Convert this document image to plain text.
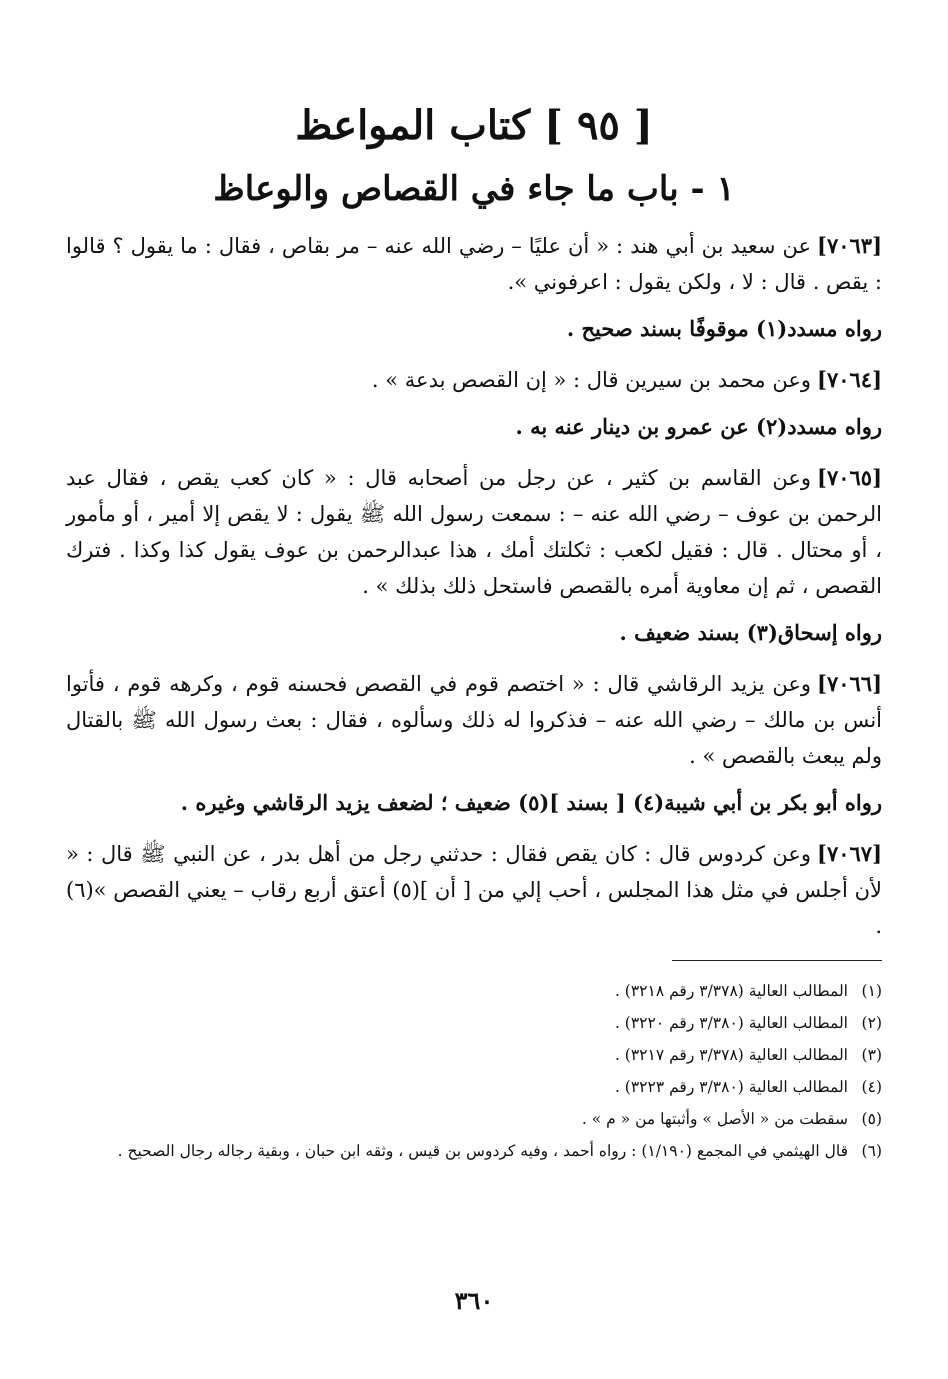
[ ٩٥ ] كتاب المواعظ
١ - باب ما جاء في القصاص والوعاظ

[٧٠٦٣]عن سعيد بن أبي هند : « أن عليًا – رضي الله عنه – مر بقاص ، فقال : ما يقول ؟ قالوا : يقص . قال : لا ، ولكن يقول : اعرفوني ».

رواه مسدد(١) موقوفًا بسند صحيح .

[٧٠٦٤]وعن محمد بن سيرين قال : « إن القصص بدعة » .

رواه مسدد(٢) عن عمرو بن دينار عنه به .

[٧٠٦٥]وعن القاسم بن كثير ، عن رجل من أصحابه قال : « كان كعب يقص ، فقال عبد الرحمن بن عوف – رضي الله عنه – : سمعت رسول الله ﷺ يقول : لا يقص إلا أمير ، أو مأمور ، أو محتال . قال : فقيل لكعب : ثكلتك أمك ، هذا عبدالرحمن بن عوف يقول كذا وكذا . فترك القصص ، ثم إن معاوية أمره بالقصص فاستحل ذلك بذلك » .

رواه إسحاق(٣) بسند ضعيف .

[٧٠٦٦]وعن يزيد الرقاشي قال : « اختصم قوم في القصص فحسنه قوم ، وكرهه قوم ، فأتوا أنس بن مالك – رضي الله عنه – فذكروا له ذلك وسألوه ، فقال : بعث رسول الله ﷺ بالقتال ولم يبعث بالقصص » .

رواه أبو بكر بن أبي شيبة(٤) [ بسند ](٥) ضعيف ؛ لضعف يزيد الرقاشي وغيره .

[٧٠٦٧]وعن كردوس قال : كان يقص فقال : حدثني رجل من أهل بدر ، عن النبي ﷺ قال : « لأن أجلس في مثل هذا المجلس ، أحب إلي من [ أن ](٥) أعتق أربع رقاب – يعني القصص »(٦) .

(١)
المطالب العالية (٣/٣٧٨ رقم ٣٢١٨) .
(٢)
المطالب العالية (٣/٣٨٠ رقم ٣٢٢٠) .
(٣)
المطالب العالية (٣/٣٧٨ رقم ٣٢١٧) .
(٤)
المطالب العالية (٣/٣٨٠ رقم ٣٢٢٣) .
(٥)
سقطت من « الأصل » وأثبتها من « م » .
(٦)
قال الهيثمي في المجمع (١/١٩٠) : رواه أحمد ، وفيه كردوس بن قيس ، وثقه ابن حبان ، وبقية رجاله رجال الصحيح .
٣٦٠
